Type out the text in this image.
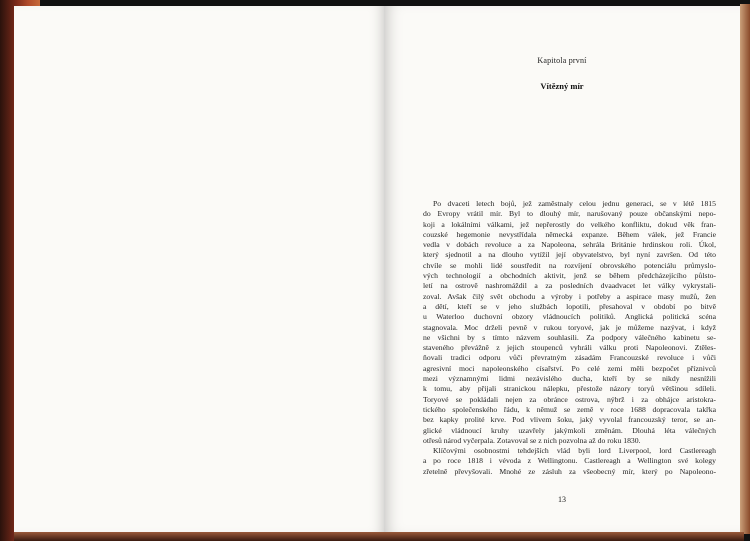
Kapitola první
Vítězný mír
Po dvaceti letech bojů, jež zaměstnaly celou jednu generaci, se v létě 1815
do Evropy vrátil mír. Byl to dlouhý mír, narušovaný pouze občanskými nepo-
koji a lokálními válkami, jež nepřerostly do velkého konfliktu, dokud věk fran-
couzské hegemonie nevystřídala německá expanze. Během válek, jež Francie
vedla v dobách revoluce a za Napoleona, sehrála Británie hrdinskou roli. Úkol,
který sjednotil a na dlouho vytížil její obyvatelstvo, byl nyní završen. Od této
chvíle se mohli lidé soustředit na rozvíjení obrovského potenciálu průmyslo-
vých technologií a obchodních aktivit, jenž se během předcházejícího půlsto-
letí na ostrově nashromáždil a za posledních dvaadvacet let války vykrystali-
zoval. Avšak čilý svět obchodu a výroby i potřeby a aspirace masy mužů, žen
a dětí, kteří se v jeho službách lopotili, přesahoval v období po bitvě
u Waterloo duchovní obzory vládnoucích politiků. Anglická politická scéna
stagnovala. Moc drželi pevně v rukou toryové, jak je můžeme nazývat, i když
ne všichni by s tímto názvem souhlasili. Za podpory válečného kabinetu se-
staveného převážně z jejich stoupenců vyhráli válku proti Napoleonovi. Ztěles-
ňovali tradici odporu vůči převratným zásadám Francouzské revoluce i vůči
agresivní moci napoleonského císařství. Po celé zemi měli bezpočet příznivců
mezi významnými lidmi nezávislého ducha, kteří by se nikdy nesnížili
k tomu, aby přijali stranickou nálepku, přestože názory toryů většinou sdíleli.
Toryové se pokládali nejen za obránce ostrova, nýbrž i za obhájce aristokra-
tického společenského řádu, k němuž se země v roce 1688 dopracovala takřka
bez kapky prolité krve. Pod vlivem šoku, jaký vyvolal francouzský teror, se an-
glické vládnoucí kruhy uzavřely jakýmkoli změnám. Dlouhá léta válečných
otřesů národ vyčerpala. Zotavoval se z nich pozvolna až do roku 1830.
Klíčovými osobnostmi tehdejších vlád byli lord Liverpool, lord Castlereagh
a po roce 1818 i vévoda z Wellingtonu. Castlereagh a Wellington své kolegy
zřetelně převyšovali. Mnohé ze zásluh za všeobecný mír, který po Napoleono-
13
